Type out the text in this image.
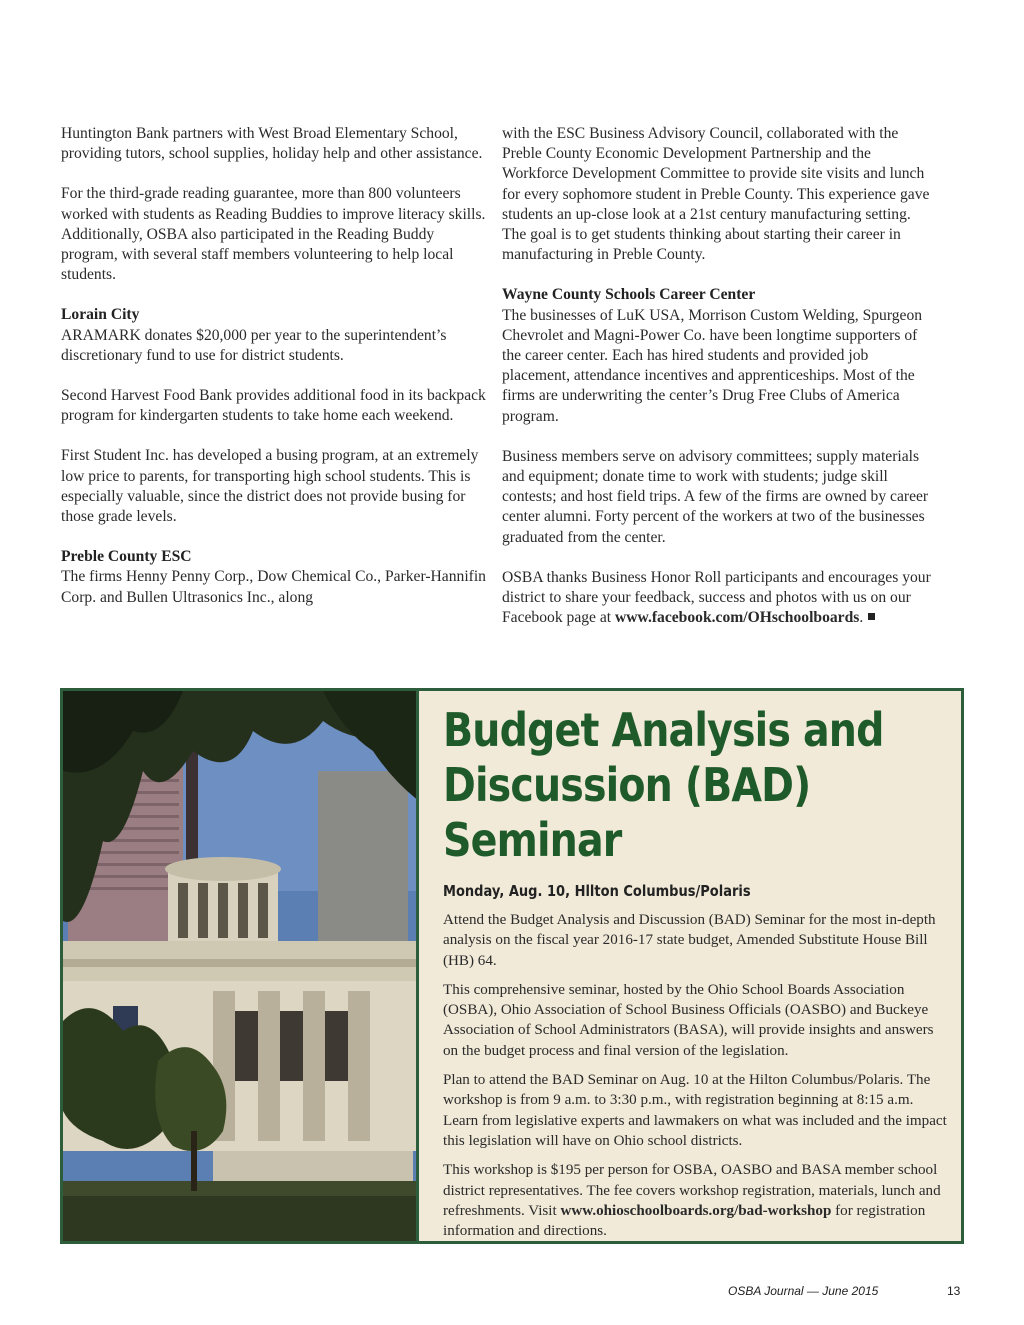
Huntington Bank partners with West Broad Elementary School, providing tutors, school supplies, holiday help and other assistance.

For the third-grade reading guarantee, more than 800 volunteers worked with students as Reading Buddies to improve literacy skills. Additionally, OSBA also participated in the Reading Buddy program, with several staff members volunteering to help local students.

Lorain City

ARAMARK donates $20,000 per year to the superintendent’s discretionary fund to use for district students.

Second Harvest Food Bank provides additional food in its backpack program for kindergarten students to take home each weekend.

First Student Inc. has developed a busing program, at an extremely low price to parents, for transporting high school students. This is especially valuable, since the district does not provide busing for those grade levels.

Preble County ESC

The firms Henny Penny Corp., Dow Chemical Co., Parker-Hannifin Corp. and Bullen Ultrasonics Inc., along

with the ESC Business Advisory Council, collaborated with the Preble County Economic Development Partnership and the Workforce Development Committee to provide site visits and lunch for every sophomore student in Preble County. This experience gave students an up-close look at a 21st century manufacturing setting. The goal is to get students thinking about starting their career in manufacturing in Preble County.

Wayne County Schools Career Center

The businesses of LuK USA, Morrison Custom Welding, Spurgeon Chevrolet and Magni-Power Co. have been longtime supporters of the career center. Each has hired students and provided job placement, attendance incentives and apprenticeships. Most of the firms are underwriting the center’s Drug Free Clubs of America program.

Business members serve on advisory committees; supply materials and equipment; donate time to work with students; judge skill contests; and host field trips. A few of the firms are owned by career center alumni. Forty percent of the workers at two of the businesses graduated from the center.

OSBA thanks Business Honor Roll participants and encourages your district to share your feedback, success and photos with us on our Facebook page at www.facebook.com/OHschoolboards.

Budget Analysis and Discussion (BAD) Seminar
Monday, Aug. 10, Hllton Columbus/Polaris

Attend the Budget Analysis and Discussion (BAD) Seminar for the most in-depth analysis on the fiscal year 2016-17 state budget, Amended Substitute House Bill (HB) 64.

This comprehensive seminar, hosted by the Ohio School Boards Association (OSBA), Ohio Association of School Business Officials (OASBO) and Buckeye Association of School Administrators (BASA), will provide insights and answers on the budget process and final version of the legislation.

Plan to attend the BAD Seminar on Aug. 10 at the Hilton Columbus/Polaris. The workshop is from 9 a.m. to 3:30 p.m., with registration beginning at 8:15 a.m. Learn from legislative experts and lawmakers on what was included and the impact this legislation will have on Ohio school districts.

This workshop is $195 per person for OSBA, OASBO and BASA member school district representatives. The fee covers workshop registration, materials, lunch and refreshments. Visit www.ohioschoolboards.org/bad-workshop for registration information and directions.

OSBA Journal — June 2015	13
